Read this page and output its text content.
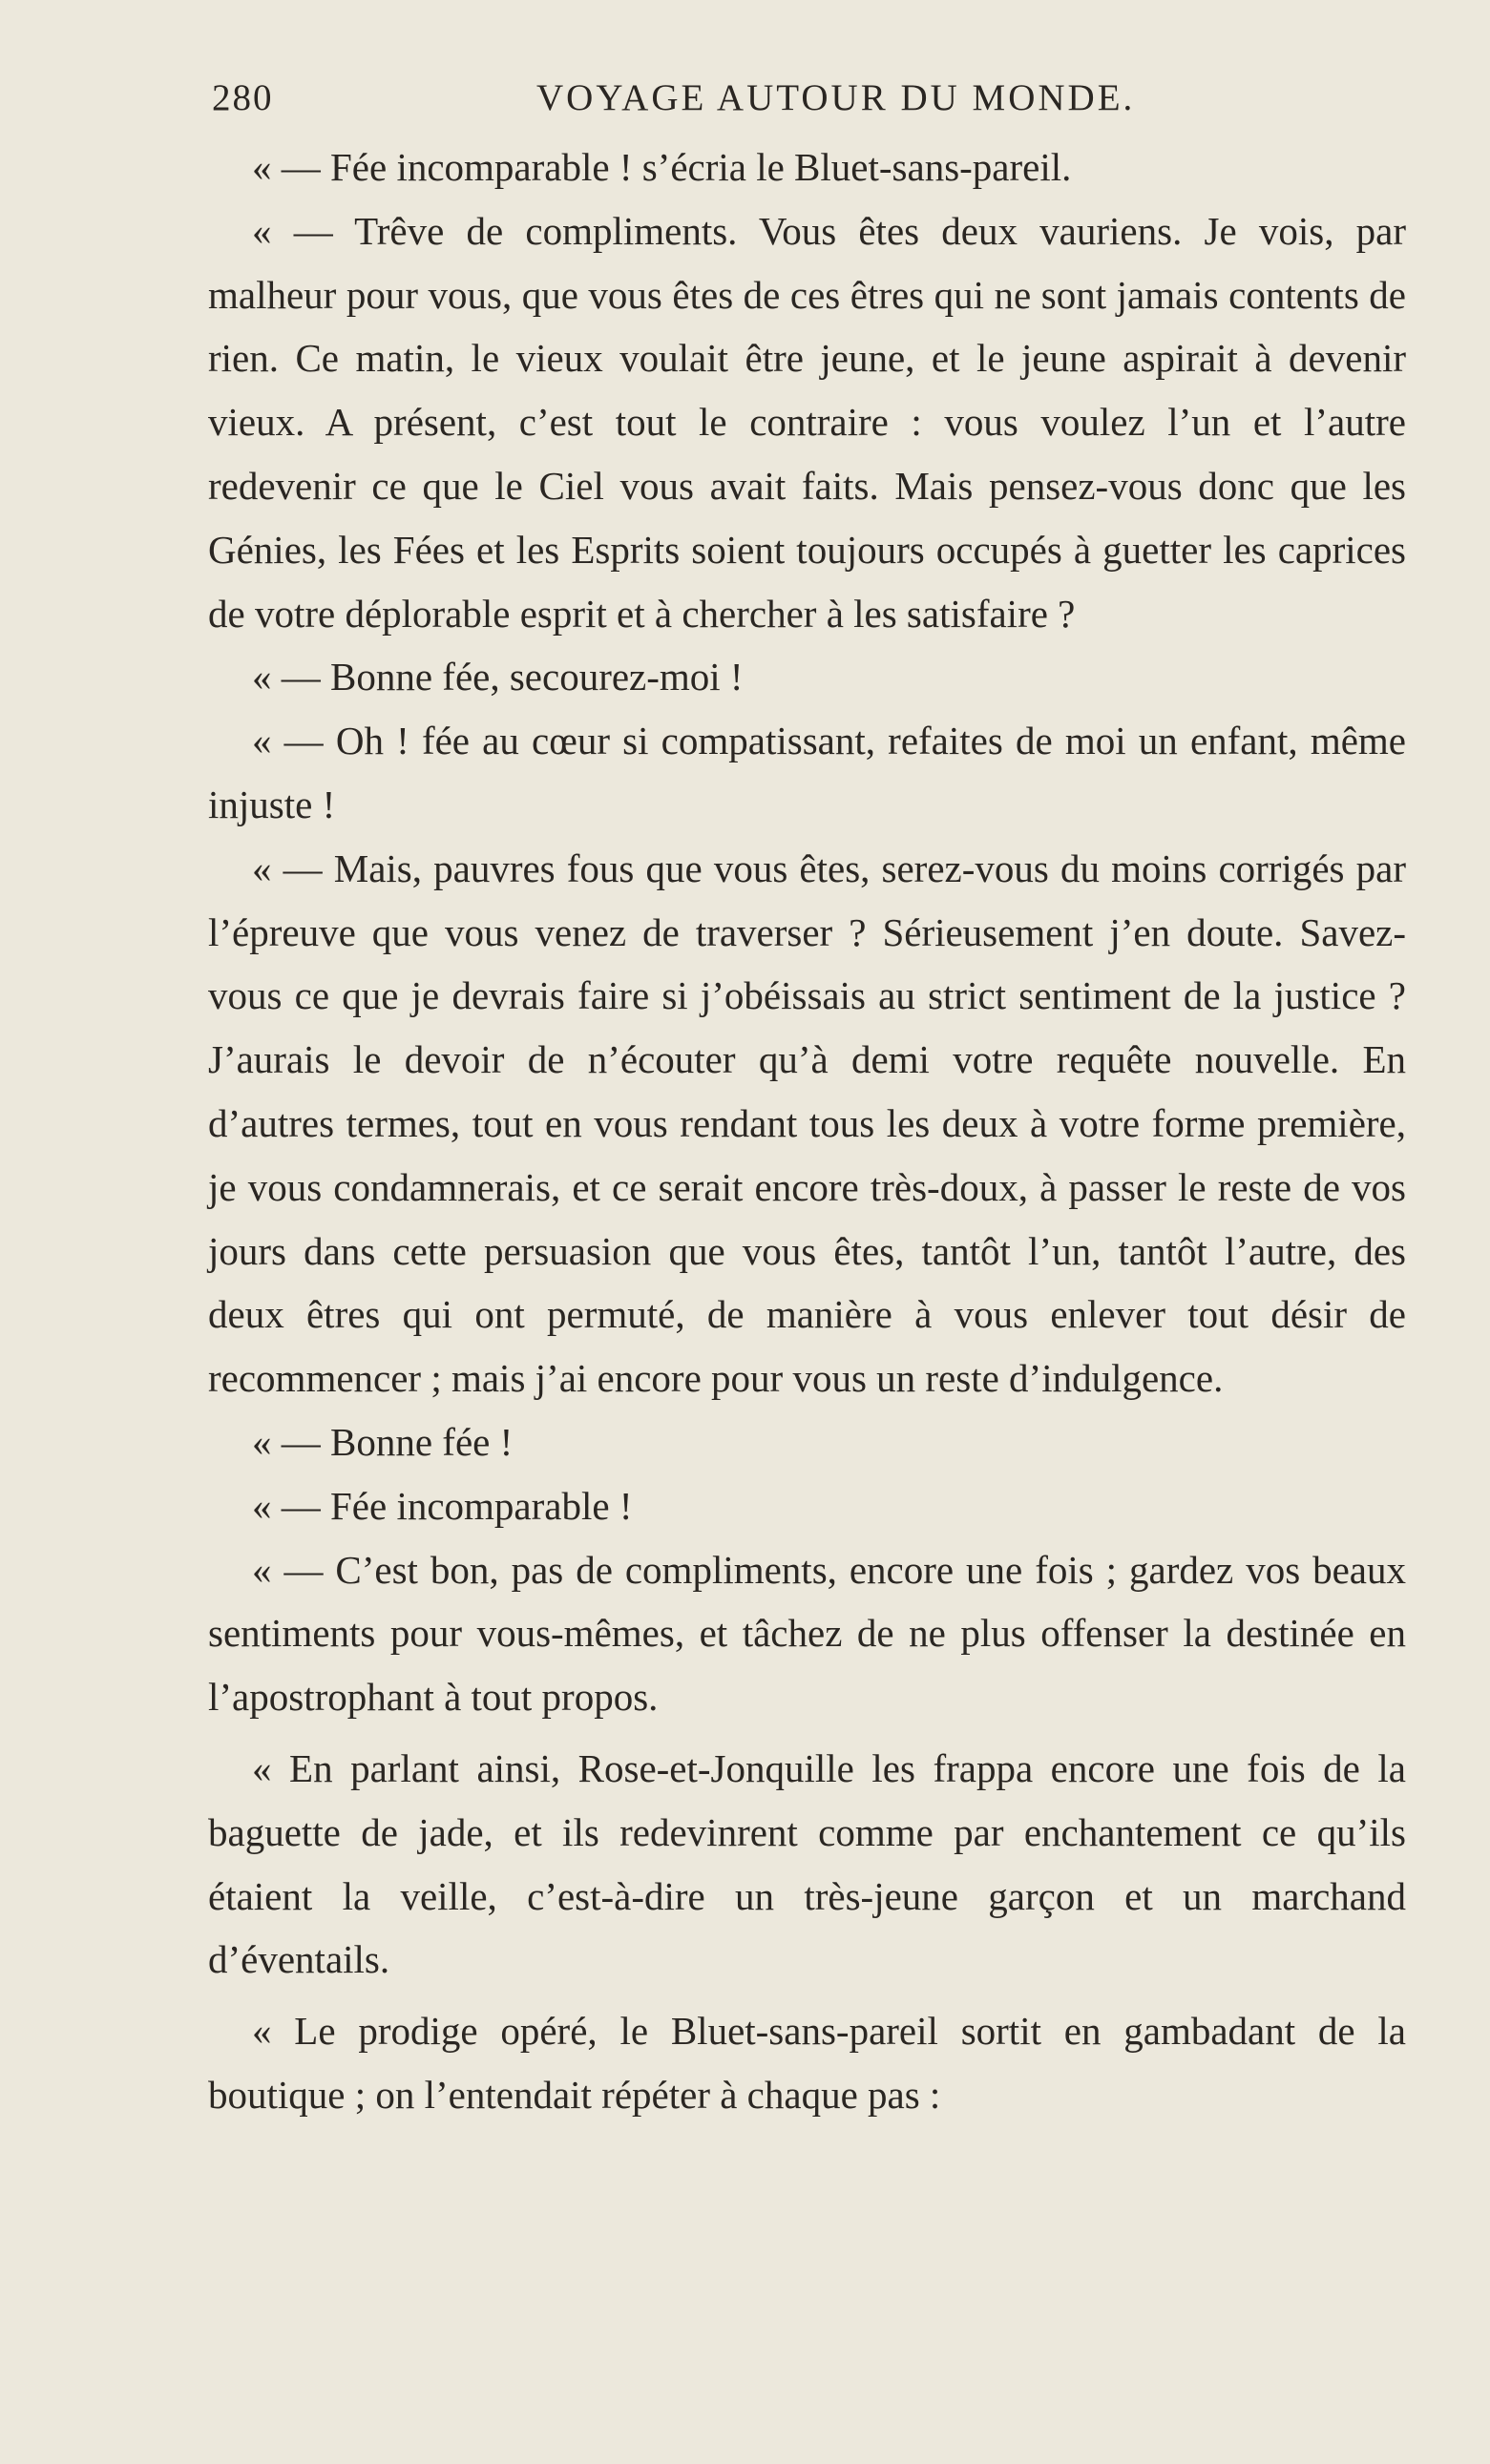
280	VOYAGE AUTOUR DU MONDE.

« — Fée incomparable ! s’écria le Bluet-sans-pareil.

« — Trêve de compliments. Vous êtes deux vauriens. Je vois, par malheur pour vous, que vous êtes de ces êtres qui ne sont jamais contents de rien. Ce matin, le vieux voulait être jeune, et le jeune aspirait à devenir vieux. A présent, c’est tout le contraire : vous voulez l’un et l’autre redevenir ce que le Ciel vous avait faits. Mais pensez-vous donc que les Génies, les Fées et les Esprits soient toujours occupés à guetter les caprices de votre déplorable esprit et à chercher à les satisfaire ?

« — Bonne fée, secourez-moi !

« — Oh ! fée au cœur si compatissant, refaites de moi un enfant, même injuste !

« — Mais, pauvres fous que vous êtes, serez-vous du moins corrigés par l’épreuve que vous venez de traverser ? Sérieusement j’en doute. Savez-vous ce que je devrais faire si j’obéissais au strict sentiment de la justice ? J’aurais le devoir de n’écouter qu’à demi votre requête nouvelle. En d’autres termes, tout en vous rendant tous les deux à votre forme première, je vous condamnerais, et ce serait encore très-doux, à passer le reste de vos jours dans cette persuasion que vous êtes, tantôt l’un, tantôt l’autre, des deux êtres qui ont permuté, de manière à vous enlever tout désir de recommencer ; mais j’ai encore pour vous un reste d’indulgence.

« — Bonne fée !

« — Fée incomparable !

« — C’est bon, pas de compliments, encore une fois ; gardez vos beaux sentiments pour vous-mêmes, et tâchez de ne plus offenser la destinée en l’apostrophant à tout propos.

« En parlant ainsi, Rose-et-Jonquille les frappa encore une fois de la baguette de jade, et ils redevinrent comme par enchantement ce qu’ils étaient la veille, c’est-à-dire un très-jeune garçon et un marchand d’éventails.

« Le prodige opéré, le Bluet-sans-pareil sortit en gambadant de la boutique ; on l’entendait répéter à chaque pas :
